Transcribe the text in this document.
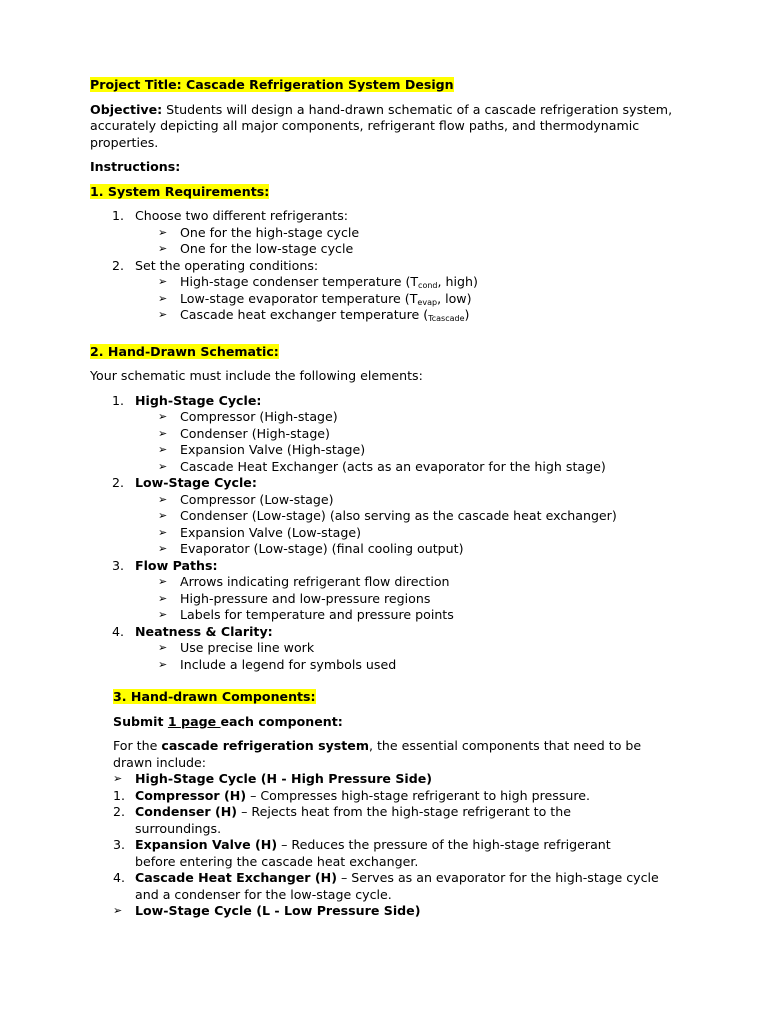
Project Title: Cascade Refrigeration System Design

Objective: Students will design a hand-drawn schematic of a cascade refrigeration system, accurately depicting all major components, refrigerant flow paths, and thermodynamic properties.

Instructions:

1. System Requirements:

1. Choose two different refrigerants:
➢ One for the high-stage cycle
➢ One for the low-stage cycle
2. Set the operating conditions:
➢ High-stage condenser temperature ($T_{cond}$, high)
➢ Low-stage evaporator temperature ($T_{evap}$, low)
➢ Cascade heat exchanger temperature (Tcascade)

2. Hand-Drawn Schematic:

Your schematic must include the following elements:

1. High-Stage Cycle:
➢ Compressor (High-stage)
➢ Condenser (High-stage)
➢ Expansion Valve (High-stage)
➢ Cascade Heat Exchanger (acts as an evaporator for the high stage)
2. Low-Stage Cycle:
➢ Compressor (Low-stage)
➢ Condenser (Low-stage) (also serving as the cascade heat exchanger)
➢ Expansion Valve (Low-stage)
➢ Evaporator (Low-stage) (final cooling output)
3. Flow Paths:
➢ Arrows indicating refrigerant flow direction
➢ High-pressure and low-pressure regions
➢ Labels for temperature and pressure points
4. Neatness & Clarity:
➢ Use precise line work
➢ Include a legend for symbols used

3. Hand-drawn Components:

Submit 1 page each component:

For the cascade refrigeration system, the essential components that need to be
drawn include:

➢ High-Stage Cycle (H - High Pressure Side)
1. Compressor (H) – Compresses high-stage refrigerant to high pressure.
2. Condenser (H) – Rejects heat from the high-stage refrigerant to the
surroundings.
3. Expansion Valve (H) – Reduces the pressure of the high-stage refrigerant
before entering the cascade heat exchanger.
4. Cascade Heat Exchanger (H) – Serves as an evaporator for the high-stage cycle
and a condenser for the low-stage cycle.
➢ Low-Stage Cycle (L - Low Pressure Side)
